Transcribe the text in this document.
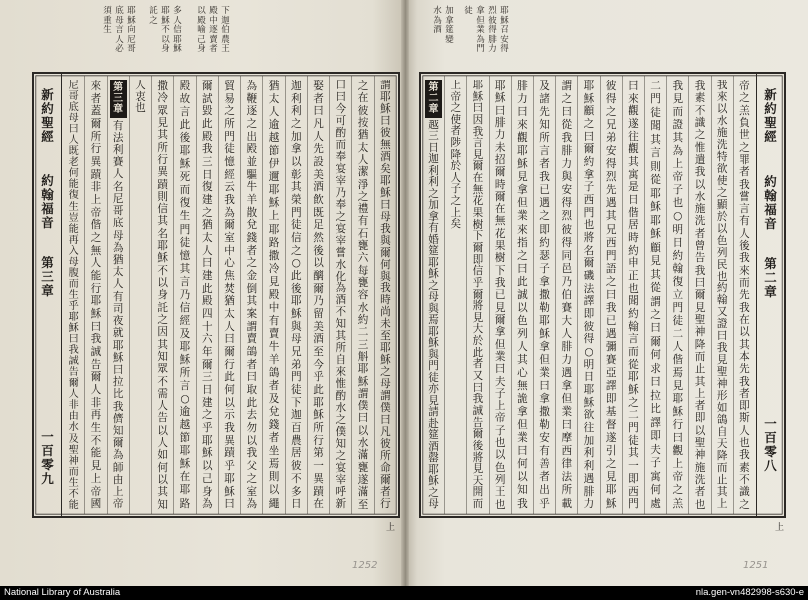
下
迦
伯
農
王
殿
中
逐
賣
者
以
殿
喻
己
身
多
人
信
耶
穌
耶
穌
不
以
身
託
之
耶
穌
向
尼
哥
底
母
言
人
必
須
重
生
新
約
聖
經
約
翰
福
音
第
三
章
一
百
零
九
謂
耶
穌
曰
彼
無
酒
矣
耶
穌
曰
母
我
與
爾
何
與
我
時
尚
未
至
耶
穌
之
母
謂
僕
曰
凡
彼
所
命
爾
者
行
之
在
彼
按
猶
太
人
潔
淨
之
禮
有
石
甕
六
每
甕
容
水
約
二
三
斛
耶
穌
謂
僕
曰
以
水
滿
甕
遂
滿
至
口
曰
今
可
酌
而
奉
宴
宰
乃
奉
之
宴
宰
嘗
水
化
為
酒
不
知
其
所
自
來
惟
酌
水
之
僕
知
之
宴
宰
呼
新
娶
者
曰
凡
人
先
設
美
酒
飲
既
足
然
後
以
醨
爾
乃
留
美
酒
至
今
乎
此
耶
穌
所
行
第
一
異
蹟
在
迦
利
利
之
加
拿
以
彰
其
榮
門
徒
信
之
○
此
後
耶
穌
與
母
兄
弟
門
徒
下
迦
百
農
居
彼
不
多
日
猶
太
人
逾
越
節
伊
邇
耶
穌
上
耶
路
撒
冷
見
殿
中
有
賣
牛
羊
鴿
者
及
兌
錢
者
坐
焉
則
以
繩
為
鞭
逐
之
出
殿
並
驅
牛
羊
散
兌
錢
者
之
金
倒
其
案
謂
賣
鴿
者
曰
取
此
去
勿
以
我
父
之
室
為
貿
易
之
所
門
徒
憶
經
云
我
為
爾
室
中
心
焦
焚
猶
太
人
曰
爾
行
此
何
以
示
我
異
蹟
乎
耶
穌
曰
爾
試
毀
此
殿
我
三
日
復
建
之
猶
太
人
曰
建
此
殿
四
十
六
年
爾
三
日
建
之
乎
耶
穌
以
己
身
為
殿
故
言
此
後
耶
穌
死
而
復
生
門
徒
憶
其
言
乃
信
經
及
耶
穌
所
言
○
逾
越
節
耶
穌
在
耶
路
撒
冷
眾
見
其
所
行
異
蹟
則
信
其
名
耶
穌
不
以
身
託
之
因
其
知
眾
不
需
人
告
以
人
如
何
以
其
知
人
衷
也
第
三
章
有
法
利
賽
人
名
尼
哥
底
母
為
猶
太
人
有
司
夜
就
耶
穌
曰
拉
比
我
儕
知
爾
為
師
由
上
帝
來
者
蓋
爾
所
行
異
蹟
非
上
帝
偕
之
無
人
能
行
耶
穌
曰
我
誠
告
爾
人
非
再
生
不
能
見
上
帝
國
尼
哥
底
母
曰
人
既
老
何
能
復
生
豈
能
再
入
母
腹
而
生
乎
耶
穌
曰
我
誠
告
爾
人
非
由
水
及
聖
神
而
生
不
能
上
1252
耶
穌
召
安
得
烈
彼
得
腓
力
拿
但
業
為
門
徒
加
拿
筵
變
水
為
酒
新
約
聖
經
約
翰
福
音
第
二
章
一
百
零
八
帝
之
羔
負
世
之
罪
者
我
嘗
言
有
人
後
我
來
而
先
我
在
以
其
本
先
我
者
即
斯
人
也
我
素
不
識
之
我
來
以
水
施
洗
特
欲
使
之
顯
於
以
色
列
民
也
約
翰
又
證
曰
我
見
聖
神
形
如
鴿
自
天
降
而
止
其
上
我
素
不
識
之
惟
遣
我
以
水
施
洗
者
曾
告
我
曰
爾
見
聖
神
降
而
止
其
上
者
即
以
聖
神
施
洗
者
也
我
見
而
證
其
為
上
帝
子
也
○
明
日
約
翰
復
立
門
徒
二
人
偕
焉
見
耶
穌
行
曰
觀
上
帝
之
羔
二
門
徒
聞
其
言
則
從
耶
穌
耶
穌
顧
見
其
從
謂
之
曰
爾
何
求
曰
拉
比
譯
即
夫
子
寓
何
處
曰
來
觀
遂
往
觀
其
寓
是
日
偕
居
時
約
申
正
也
聞
約
翰
言
而
從
耶
穌
之
二
門
徒
其
一
即
西
門
彼
得
之
兄
弟
安
得
烈
先
遇
其
兄
西
門
語
之
曰
我
已
遇
彌
賽
亞
譯
即
基
督
遂
引
之
見
耶
穌
耶
穌
顧
之
曰
爾
約
拿
子
西
門
也
將
名
爾
磯
法
譯
即
彼
得
○
明
日
耶
穌
欲
往
加
利
利
遇
腓
力
謂
之
曰
從
我
腓
力
與
安
得
烈
彼
得
同
邑
乃
伯
賽
大
人
腓
力
遇
拿
但
業
曰
摩
西
律
法
所
載
及
諸
先
知
所
言
者
我
已
遇
之
即
約
瑟
子
拿
撒
勒
耶
穌
拿
但
業
曰
拿
撒
勒
安
有
善
者
出
乎
腓
力
曰
來
觀
耶
穌
見
拿
但
業
來
指
之
曰
此
誠
以
色
列
人
其
心
無
詭
拿
但
業
曰
何
以
知
我
耶
穌
曰
腓
力
未
招
爾
時
爾
在
無
花
果
樹
下
我
已
見
爾
拿
但
業
曰
夫
子
上
帝
子
也
以
色
列
王
也
耶
穌
曰
因
我
言
見
爾
在
無
花
果
樹
下
爾
即
信
乎
爾
將
見
大
於
此
者
又
曰
我
誠
告
爾
後
將
見
天
開
而
上
帝
之
使
者
陟
降
於
人
子
之
上
矣
第
二
章
越
三
日
迦
利
利
之
加
拿
有
婚
筵
耶
穌
之
母
與
焉
耶
穌
與
門
徒
亦
見
請
赴
筵
酒
罄
耶
穌
之
母
上
1251
National Library of Australia	nla.gen-vn482998-s630-e
